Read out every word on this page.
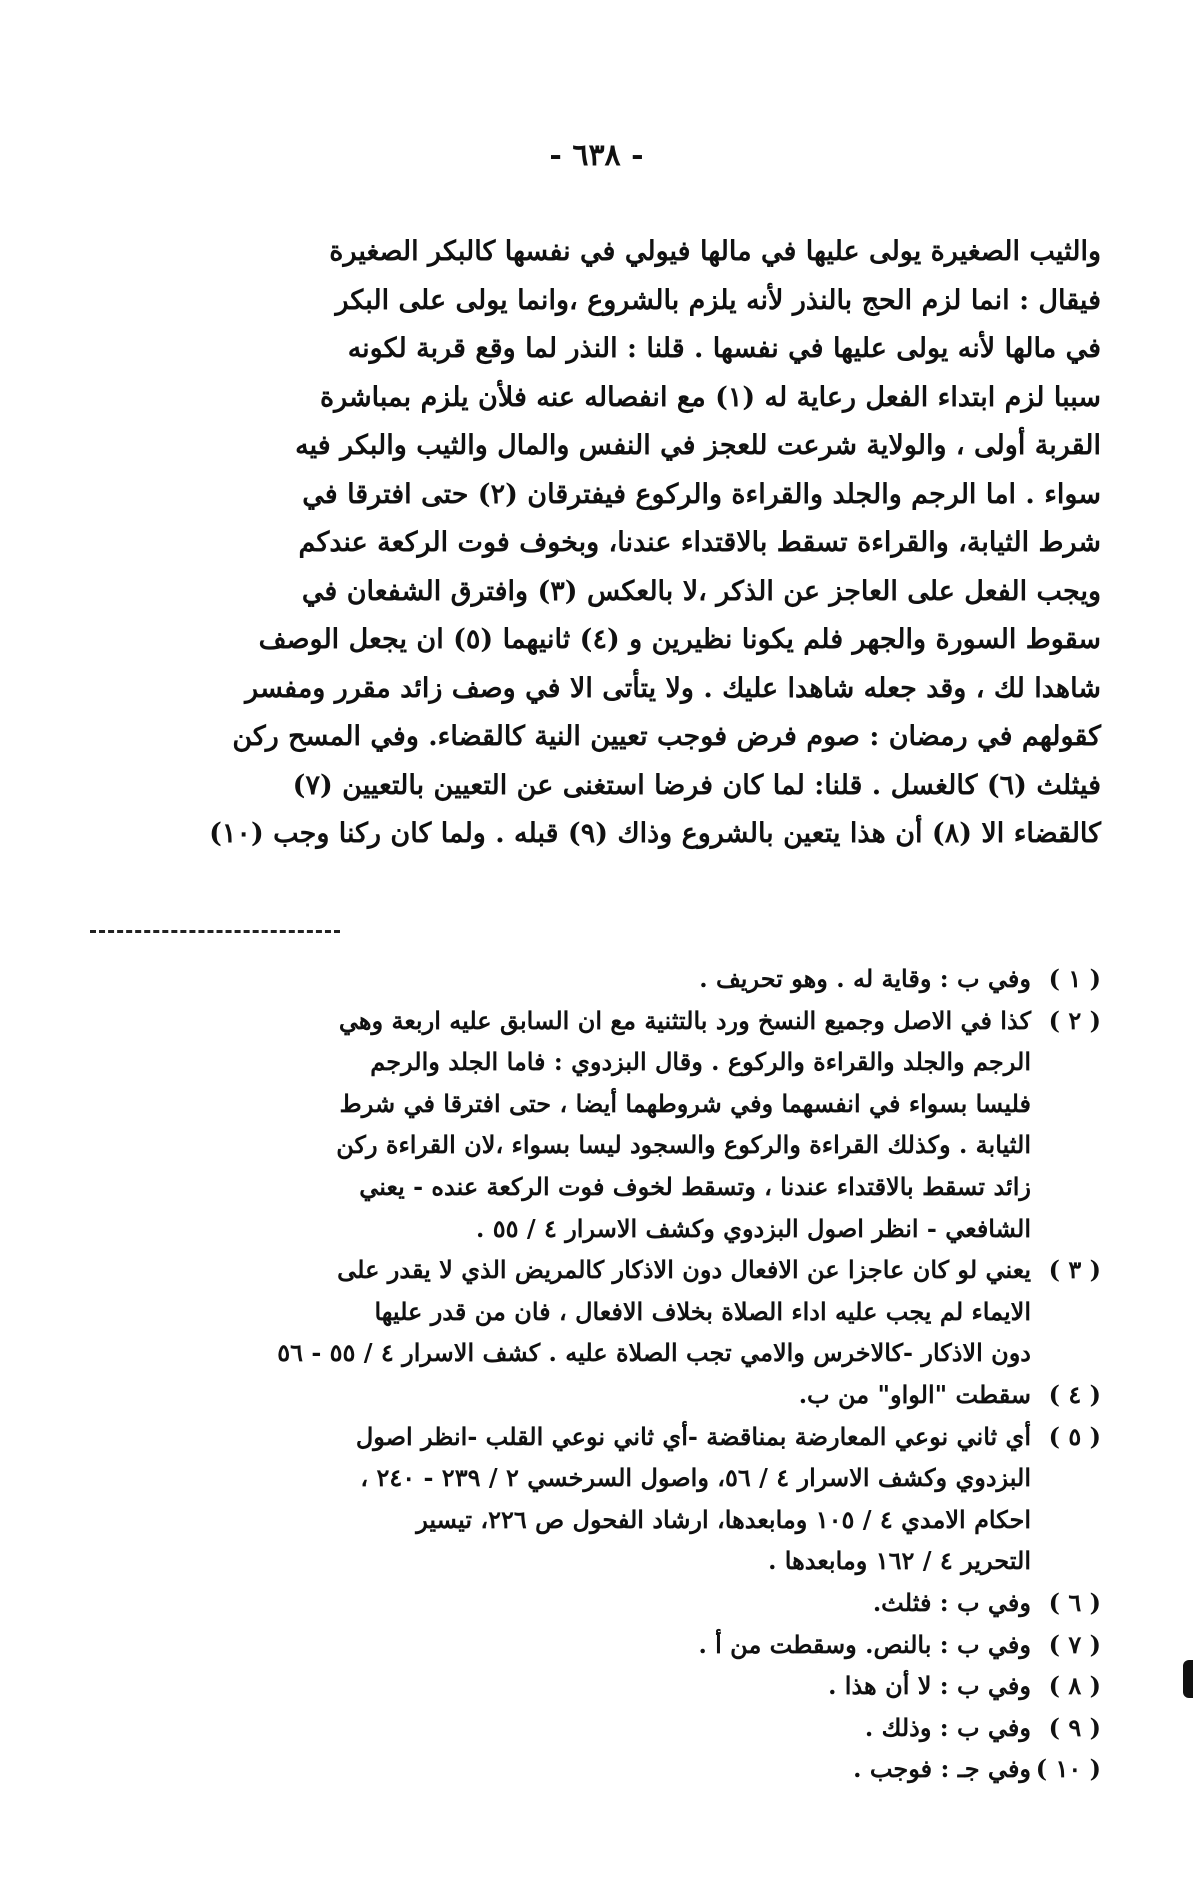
- ٦٣٨ -
والثيب الصغيرة يولى عليها في مالها فيولي في نفسها كالبكر الصغيرة
فيقال : انما لزم الحج بالنذر لأنه يلزم بالشروع ،وانما يولى على البكر
في مالها لأنه يولى عليها في نفسها . قلنا : النذر لما وقع قربة لكونه
سببا لزم ابتداء الفعل رعاية له (١) مع انفصاله عنه فلأن يلزم بمباشرة
القربة أولى ، والولاية شرعت للعجز في النفس والمال والثيب والبكر فيه
سواء . اما الرجم والجلد والقراءة والركوع فيفترقان (٢) حتى افترقا في
شرط الثيابة، والقراءة تسقط بالاقتداء عندنا، وبخوف فوت الركعة عندكم
ويجب الفعل على العاجز عن الذكر ،لا بالعكس (٣) وافترق الشفعان في
سقوط السورة والجهر فلم يكونا نظيرين و (٤) ثانيهما (٥) ان يجعل الوصف
شاهدا لك ، وقد جعله شاهدا عليك . ولا يتأتى الا في وصف زائد مقرر ومفسر
كقولهم في رمضان : صوم فرض فوجب تعيين النية كالقضاء. وفي المسح ركن
فيثلث (٦) كالغسل . قلنا: لما كان فرضا استغنى عن التعيين بالتعيين (٧)
كالقضاء الا (٨) أن هذا يتعين بالشروع وذاك (٩) قبله . ولما كان ركنا وجب (١٠)
( ١ )
وفي ب : وقاية له . وهو تحريف .
( ٢ )
كذا في الاصل وجميع النسخ ورد بالتثنية مع ان السابق عليه اربعة وهي
الرجم والجلد والقراءة والركوع . وقال البزدوي : فاما الجلد والرجم
فليسا بسواء في انفسهما وفي شروطهما أيضا ، حتى افترقا في شرط
الثيابة . وكذلك القراءة والركوع والسجود ليسا بسواء ،لان القراءة ركن
زائد تسقط بالاقتداء عندنا ، وتسقط لخوف فوت الركعة عنده - يعني
الشافعي - انظر اصول البزدوي وكشف الاسرار ٤ / ٥٥ .
( ٣ )
يعني لو كان عاجزا عن الافعال دون الاذكار كالمريض الذي لا يقدر على
الايماء لم يجب عليه اداء الصلاة بخلاف الافعال ، فان من قدر عليها
دون الاذكار -كالاخرس والامي تجب الصلاة عليه . كشف الاسرار ٤ / ٥٥ - ٥٦
( ٤ )
سقطت "الواو" من ب.
( ٥ )
أي ثاني نوعي المعارضة بمناقضة -أي ثاني نوعي القلب -انظر اصول
البزدوي وكشف الاسرار ٤ / ٥٦، واصول السرخسي ٢ / ٢٣٩ - ٢٤٠ ،
احكام الامدي ٤ / ١٠٥ ومابعدها، ارشاد الفحول ص ٢٢٦، تيسير
التحرير ٤ / ١٦٢ ومابعدها .
( ٦ )
وفي ب : فثلث.
( ٧ )
وفي ب : بالنص. وسقطت من أ .
( ٨ )
وفي ب : لا أن هذا .
( ٩ )
وفي ب : وذلك .
( ١٠ )
وفي جـ : فوجب .
